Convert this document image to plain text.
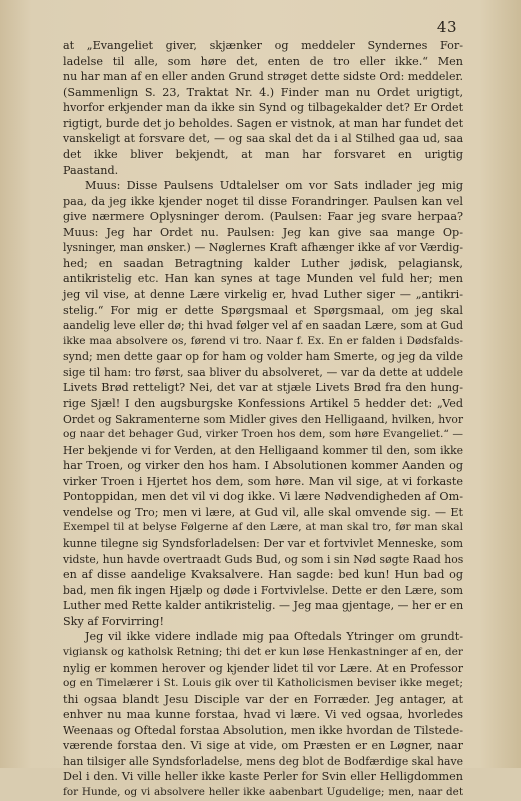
43
at „Evangeliet giver, skjænker og meddeler Syndernes For-
ladelse til alle, som høre det, enten de tro eller ikke.“ Men
nu har man af en eller anden Grund strøget dette sidste Ord: meddeler.
(Sammenlign S. 23, Traktat Nr. 4.) Finder man nu Ordet urigtigt,
hvorfor erkjender man da ikke sin Synd og tilbagekalder det? Er Ordet
rigtigt, burde det jo beholdes. Sagen er vistnok, at man har fundet det
vanskeligt at forsvare det, — og saa skal det da i al Stilhed gaa ud, saa
det ikke bliver bekjendt, at man har forsvaret en urigtig
Paastand.
Muus: Disse Paulsens Udtalelser om vor Sats indlader jeg mig
paa, da jeg ikke kjender noget til disse Forandringer. Paulsen kan vel
give nærmere Oplysninger derom. (Paulsen: Faar jeg svare herpaa?
Muus: Jeg har Ordet nu. Paulsen: Jeg kan give saa mange Op-
lysninger, man ønsker.) — Nøglernes Kraft afhænger ikke af vor Værdig-
hed; en saadan Betragtning kalder Luther jødisk, pelagiansk,
antikristelig etc. Han kan synes at tage Munden vel fuld her; men
jeg vil vise, at denne Lære virkelig er, hvad Luther siger — „antikri-
stelig.“ For mig er dette Spørgsmaal et Spørgsmaal, om jeg skal
aandelig leve eller dø; thi hvad følger vel af en saadan Lære, som at Gud
ikke maa absolvere os, førend vi tro. Naar f. Ex. En er falden i Dødsfalds-
synd; men dette gaar op for ham og volder ham Smerte, og jeg da vilde
sige til ham: tro først, saa bliver du absolveret, — var da dette at uddele
Livets Brød retteligt? Nei, det var at stjæle Livets Brød fra den hung-
rige Sjæl! I den augsburgske Konfessions Artikel 5 hedder det: „Ved
Ordet og Sakramenterne som Midler gives den Helligaand, hvilken, hvor
og naar det behager Gud, virker Troen hos dem, som høre Evangeliet.“ —
Her bekjende vi for Verden, at den Helligaand kommer til den, som ikke
har Troen, og virker den hos ham. I Absolutionen kommer Aanden og
virker Troen i Hjertet hos dem, som høre. Man vil sige, at vi forkaste
Pontoppidan, men det vil vi dog ikke. Vi lære Nødvendigheden af Om-
vendelse og Tro; men vi lære, at Gud vil, alle skal omvende sig. — Et
Exempel til at belyse Følgerne af den Lære, at man skal tro, før man skal
kunne tilegne sig Syndsforladelsen: Der var et fortvivlet Menneske, som
vidste, hun havde overtraadt Guds Bud, og som i sin Nød søgte Raad hos
en af disse aandelige Kvaksalvere. Han sagde: bed kun! Hun bad og
bad, men fik ingen Hjælp og døde i Fortvivlelse. Dette er den Lære, som
Luther med Rette kalder antikristelig. — Jeg maa gjentage, — her er en
Sky af Forvirring!
Jeg vil ikke videre indlade mig paa Oftedals Ytringer om grundt-
vigiansk og katholsk Retning; thi det er kun løse Henkastninger af en, der
nylig er kommen herover og kjender lidet til vor Lære. At en Professor
og en Timelærer i St. Louis gik over til Katholicismen beviser ikke meget;
thi ogsaa blandt Jesu Disciple var der en Forræder. Jeg antager, at
enhver nu maa kunne forstaa, hvad vi lære. Vi ved ogsaa, hvorledes
Weenaas og Oftedal forstaa Absolution, men ikke hvordan de Tilstede-
værende forstaa den. Vi sige at vide, om Præsten er en Løgner, naar
han tilsiger alle Syndsforladelse, mens deg blot de Bodfærdige skal have
Del i den. Vi ville heller ikke kaste Perler for Svin eller Helligdommen
for Hunde, og vi absolvere heller ikke aabenbart Ugudelige; men, naar det
